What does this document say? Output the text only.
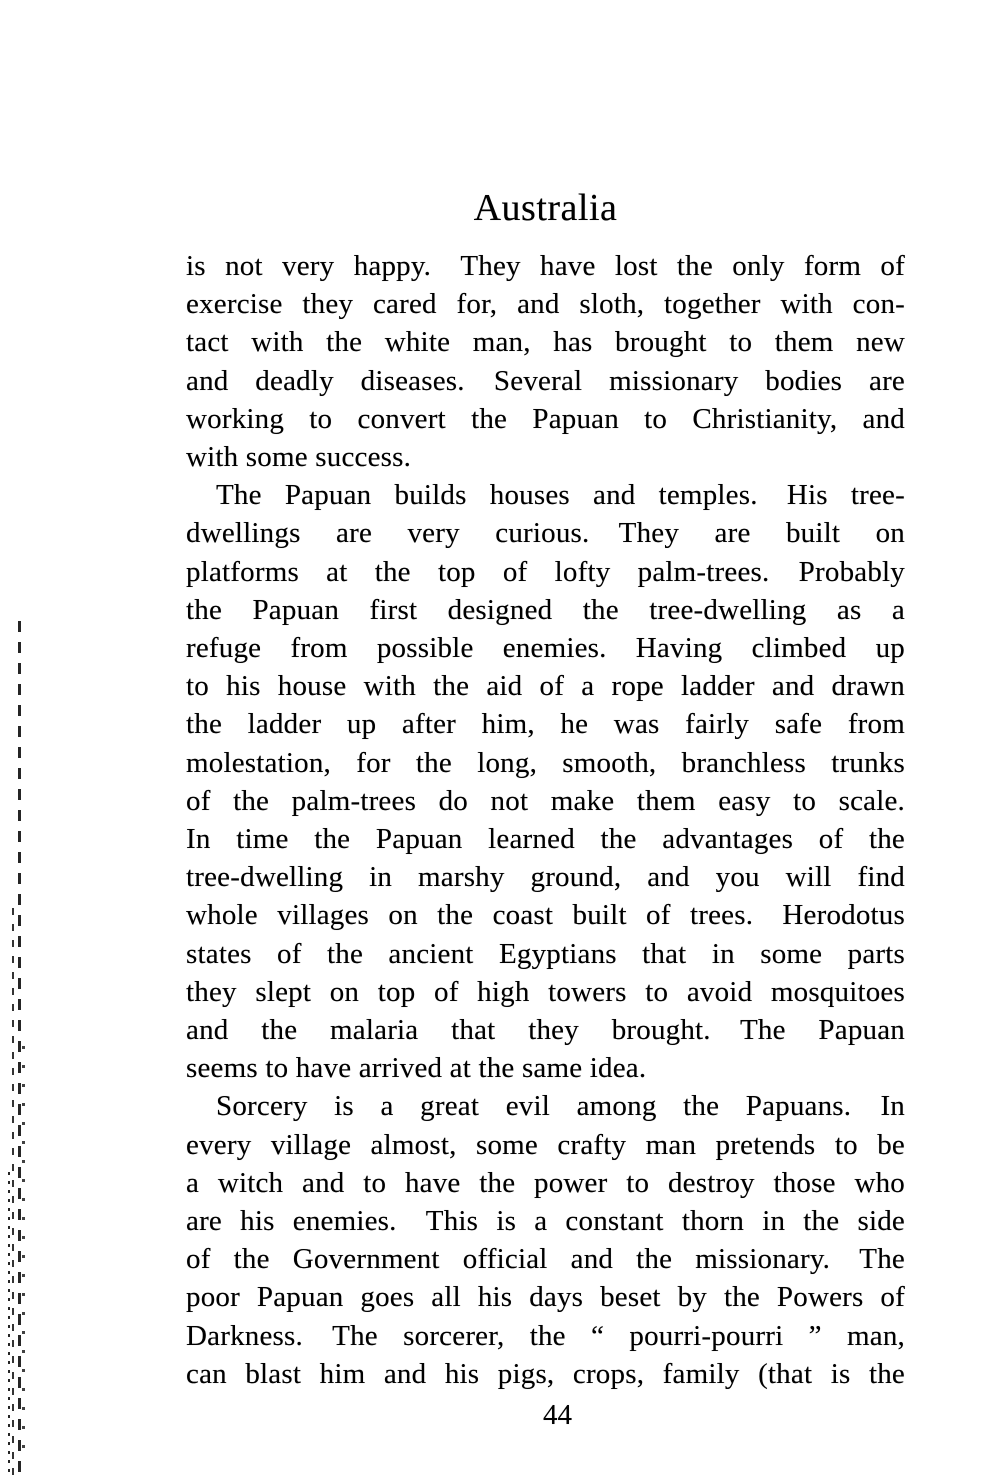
Australia
is not very happy. They have lost the only form of
exercise they cared for, and sloth, together with con-
tact with the white man, has brought to them new
and deadly diseases. Several missionary bodies are
working to convert the Papuan to Christianity, and
with some success.
The Papuan builds houses and temples. His tree-
dwellings are very curious. They are built on
platforms at the top of lofty palm-trees. Probably
the Papuan first designed the tree-dwelling as a
refuge from possible enemies. Having climbed up
to his house with the aid of a rope ladder and drawn
the ladder up after him, he was fairly safe from
molestation, for the long, smooth, branchless trunks
of the palm-trees do not make them easy to scale.
In time the Papuan learned the advantages of the
tree-dwelling in marshy ground, and you will find
whole villages on the coast built of trees. Herodotus
states of the ancient Egyptians that in some parts
they slept on top of high towers to avoid mosquitoes
and the malaria that they brought. The Papuan
seems to have arrived at the same idea.
Sorcery is a great evil among the Papuans. In
every village almost, some crafty man pretends to be
a witch and to have the power to destroy those who
are his enemies. This is a constant thorn in the side
of the Government official and the missionary. The
poor Papuan goes all his days beset by the Powers of
Darkness. The sorcerer, the “ pourri-pourri ” man,
can blast him and his pigs, crops, family (that is the
44
